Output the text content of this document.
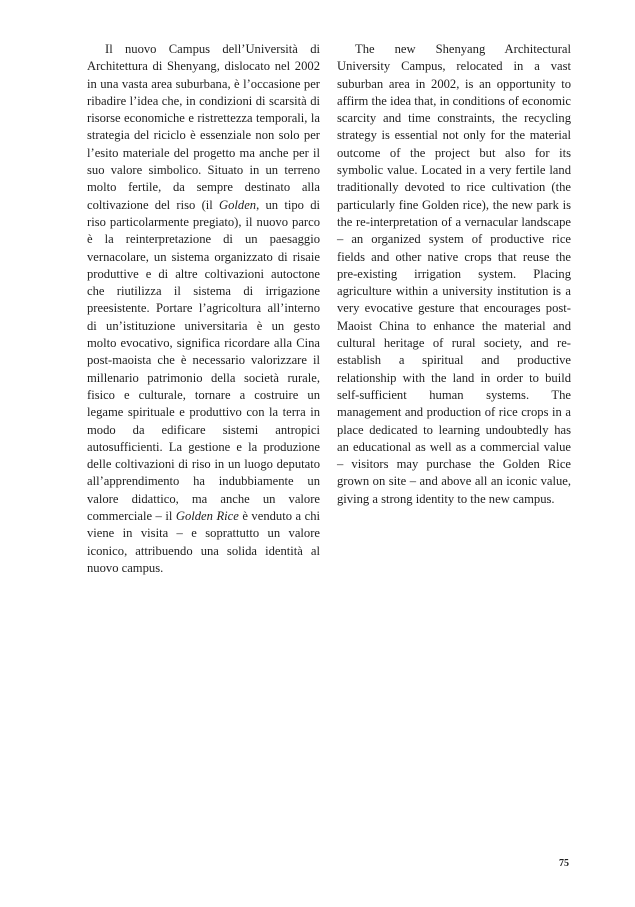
Il nuovo Campus dell’Università di Architettura di Shenyang, dislocato nel 2002 in una vasta area suburbana, è l’occasione per ribadire l’idea che, in condizioni di scarsità di risorse economiche e ristrettezza temporali, la strategia del riciclo è essenziale non solo per l’esito materiale del progetto ma anche per il suo valore simbolico. Situato in un terreno molto fertile, da sempre destinato alla coltivazione del riso (il Golden, un tipo di riso particolarmente pregiato), il nuovo parco è la reinterpretazione di un paesaggio vernacolare, un sistema organizzato di risaie produttive e di altre coltivazioni autoctone che riutilizza il sistema di irrigazione preesistente. Portare l’agricoltura all’interno di un’istituzione universitaria è un gesto molto evocativo, significa ricordare alla Cina post-maoista che è necessario valorizzare il millenario patrimonio della società rurale, fisico e culturale, tornare a costruire un legame spirituale e produttivo con la terra in modo da edificare sistemi antropici autosufficienti. La gestione e la produzione delle coltivazioni di riso in un luogo deputato all’apprendimento ha indubbiamente un valore didattico, ma anche un valore commerciale – il Golden Rice è venduto a chi viene in visita – e soprattutto un valore iconico, attribuendo una solida identità al nuovo campus.

The new Shenyang Architectural University Campus, relocated in a vast suburban area in 2002, is an opportunity to affirm the idea that, in conditions of economic scarcity and time constraints, the recycling strategy is essential not only for the material outcome of the project but also for its symbolic value. Located in a very fertile land traditionally devoted to rice cultivation (the particularly fine Golden rice), the new park is the re-interpretation of a vernacular landscape – an organized system of productive rice fields and other native crops that reuse the pre-existing irrigation system. Placing agriculture within a university institution is a very evocative gesture that encourages post-Maoist China to enhance the material and cultural heritage of rural society, and re-establish a spiritual and productive relationship with the land in order to build self-sufficient human systems. The management and production of rice crops in a place dedicated to learning undoubtedly has an educational as well as a commercial value – visitors may purchase the Golden Rice grown on site – and above all an iconic value, giving a strong identity to the new campus.

75
